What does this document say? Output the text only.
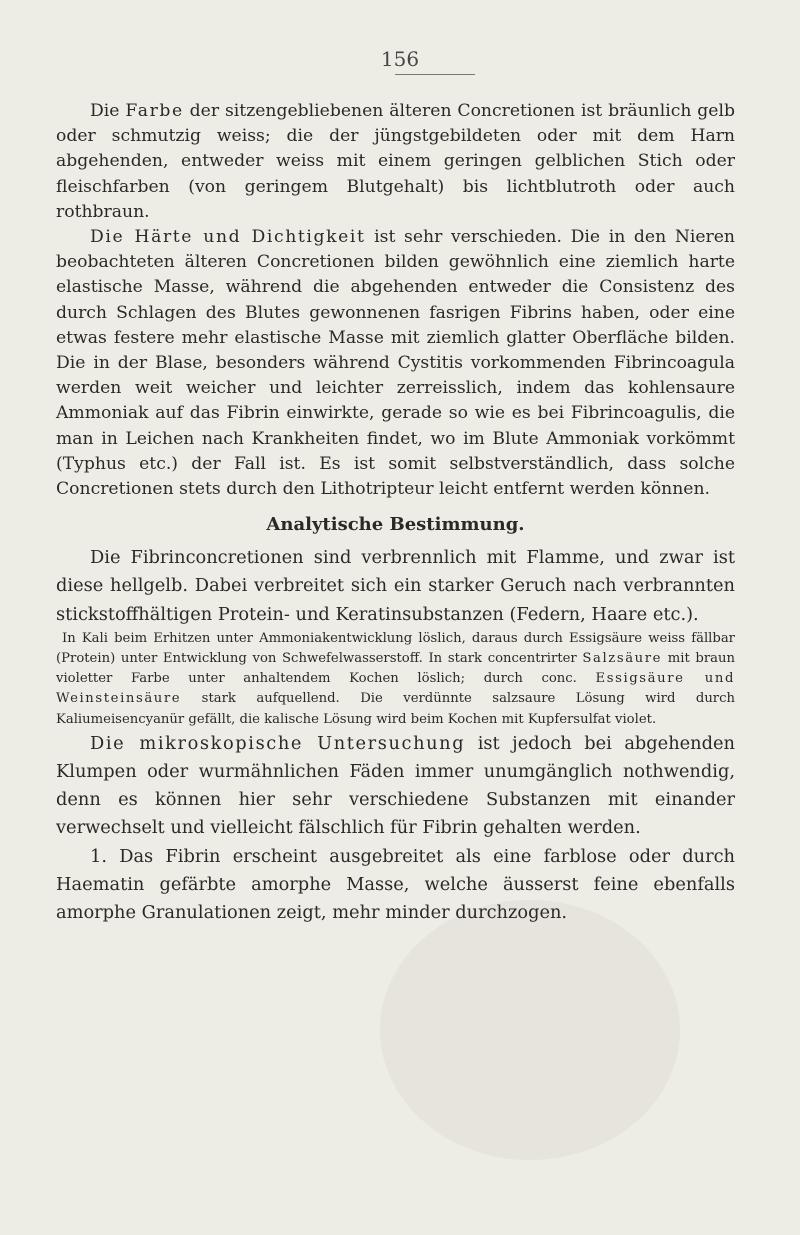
156

Die Farbe der sitzengebliebenen älteren Concretionen ist bräunlich gelb oder schmutzig weiss; die der jüngstgebildeten oder mit dem Harn abgehenden, entweder weiss mit einem geringen gelblichen Stich oder fleischfarben (von geringem Blutgehalt) bis lichtblutroth oder auch rothbraun.

Die Härte und Dichtigkeit ist sehr verschieden. Die in den Nieren beobachteten älteren Concretionen bilden gewöhnlich eine ziemlich harte elastische Masse, während die abgehenden entweder die Consistenz des durch Schlagen des Blutes gewonnenen fasrigen Fibrins haben, oder eine etwas festere mehr elastische Masse mit ziemlich glatter Oberfläche bilden. Die in der Blase, besonders während Cystitis vorkommenden Fibrincoagula werden weit weicher und leichter zerreisslich, indem das kohlensaure Ammoniak auf das Fibrin einwirkte, gerade so wie es bei Fibrincoagulis, die man in Leichen nach Krankheiten findet, wo im Blute Ammoniak vorkömmt (Typhus etc.) der Fall ist. Es ist somit selbstverständlich, dass solche Concretionen stets durch den Lithotripteur leicht entfernt werden können.

Analytische Bestimmung.

Die Fibrinconcretionen sind verbrennlich mit Flamme, und zwar ist diese hellgelb. Dabei verbreitet sich ein starker Geruch nach verbrannten stickstoffhältigen Protein- und Keratinsubstanzen (Federn, Haare etc.).

In Kali beim Erhitzen unter Ammoniakentwicklung löslich, daraus durch Essigsäure weiss fällbar (Protein) unter Entwicklung von Schwefelwasserstoff. In stark concentrirter Salzsäure mit braun violetter Farbe unter anhaltendem Kochen löslich; durch conc. Essigsäure und Weinsteinsäure stark aufquellend. Die verdünnte salzsaure Lösung wird durch Kaliumeisencyanür gefällt, die kalische Lösung wird beim Kochen mit Kupfersulfat violet.

Die mikroskopische Untersuchung ist jedoch bei abgehenden Klumpen oder wurmähnlichen Fäden immer unumgänglich nothwendig, denn es können hier sehr verschiedene Substanzen mit einander verwechselt und vielleicht fälschlich für Fibrin gehalten werden.

1. Das Fibrin erscheint ausgebreitet als eine farblose oder durch Haematin gefärbte amorphe Masse, welche äusserst feine ebenfalls amorphe Granulationen zeigt, mehr minder durchzogen.
